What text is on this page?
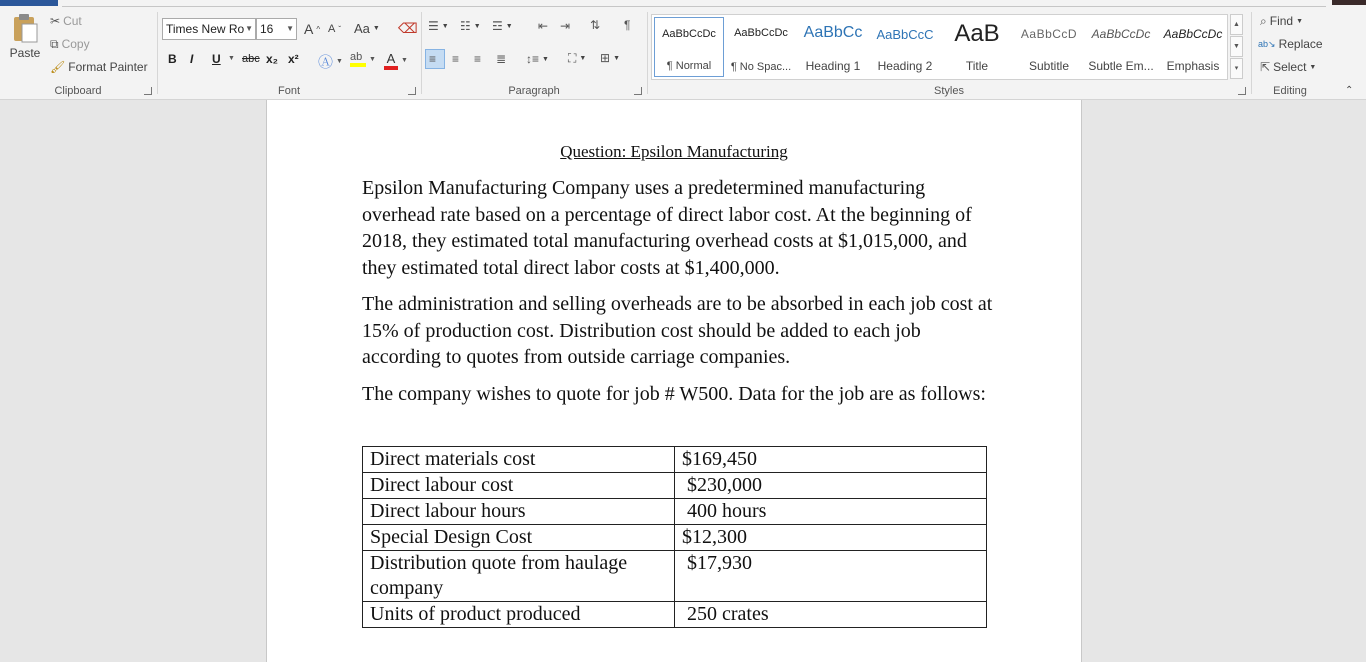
Paste
✂ Cut
⧉ Copy
🖌 Format Painter
Clipboard
Times New Ro ▼ 16 ▼ A ^ A ˇ Aa ▼ ⌫
B I U ▼ abc x₂ x² Ⓐ ▼ ab ▼ A ▼
Font
☰ ▼ ☷ ▼ ☲ ▼ ⇤ ⇥ ⇅ ¶
≡	≡ ≡ ≣ ↕≡ ▼ ⛶ ▼ ⊞ ▼
Paragraph
AaBbCcDc
¶ Normal
AaBbCcDc
¶ No Spac...
AaBbCc
Heading 1
AaBbCcC
Heading 2
AaB
Title
AaBbCcD
Subtitle
AaBbCcDc
Subtle Em...
AaBbCcDc
Emphasis
▲
▼
▾
Styles
⌕ Find ▼
ab↘ Replace
⇱ Select ▼
Editing	⌃
Question: Epsilon Manufacturing
Epsilon Manufacturing Company uses a predetermined manufacturing overhead rate based on a percentage of direct labor cost. At the beginning of 2018, they estimated total manufacturing overhead costs at $1,015,000, and they estimated total direct labor costs at $1,400,000.
The administration and selling overheads are to be absorbed in each job cost at 15% of production cost. Distribution cost should be added to each job according to quotes from outside carriage companies.
The company wishes to quote for job # W500. Data for the job are as follows:
Direct materials cost	$169,450
Direct labour cost	$230,000
Direct labour hours	400 hours
Special Design Cost	$12,300
Distribution quote from haulage company	$17,930
Units of product produced	250 crates
